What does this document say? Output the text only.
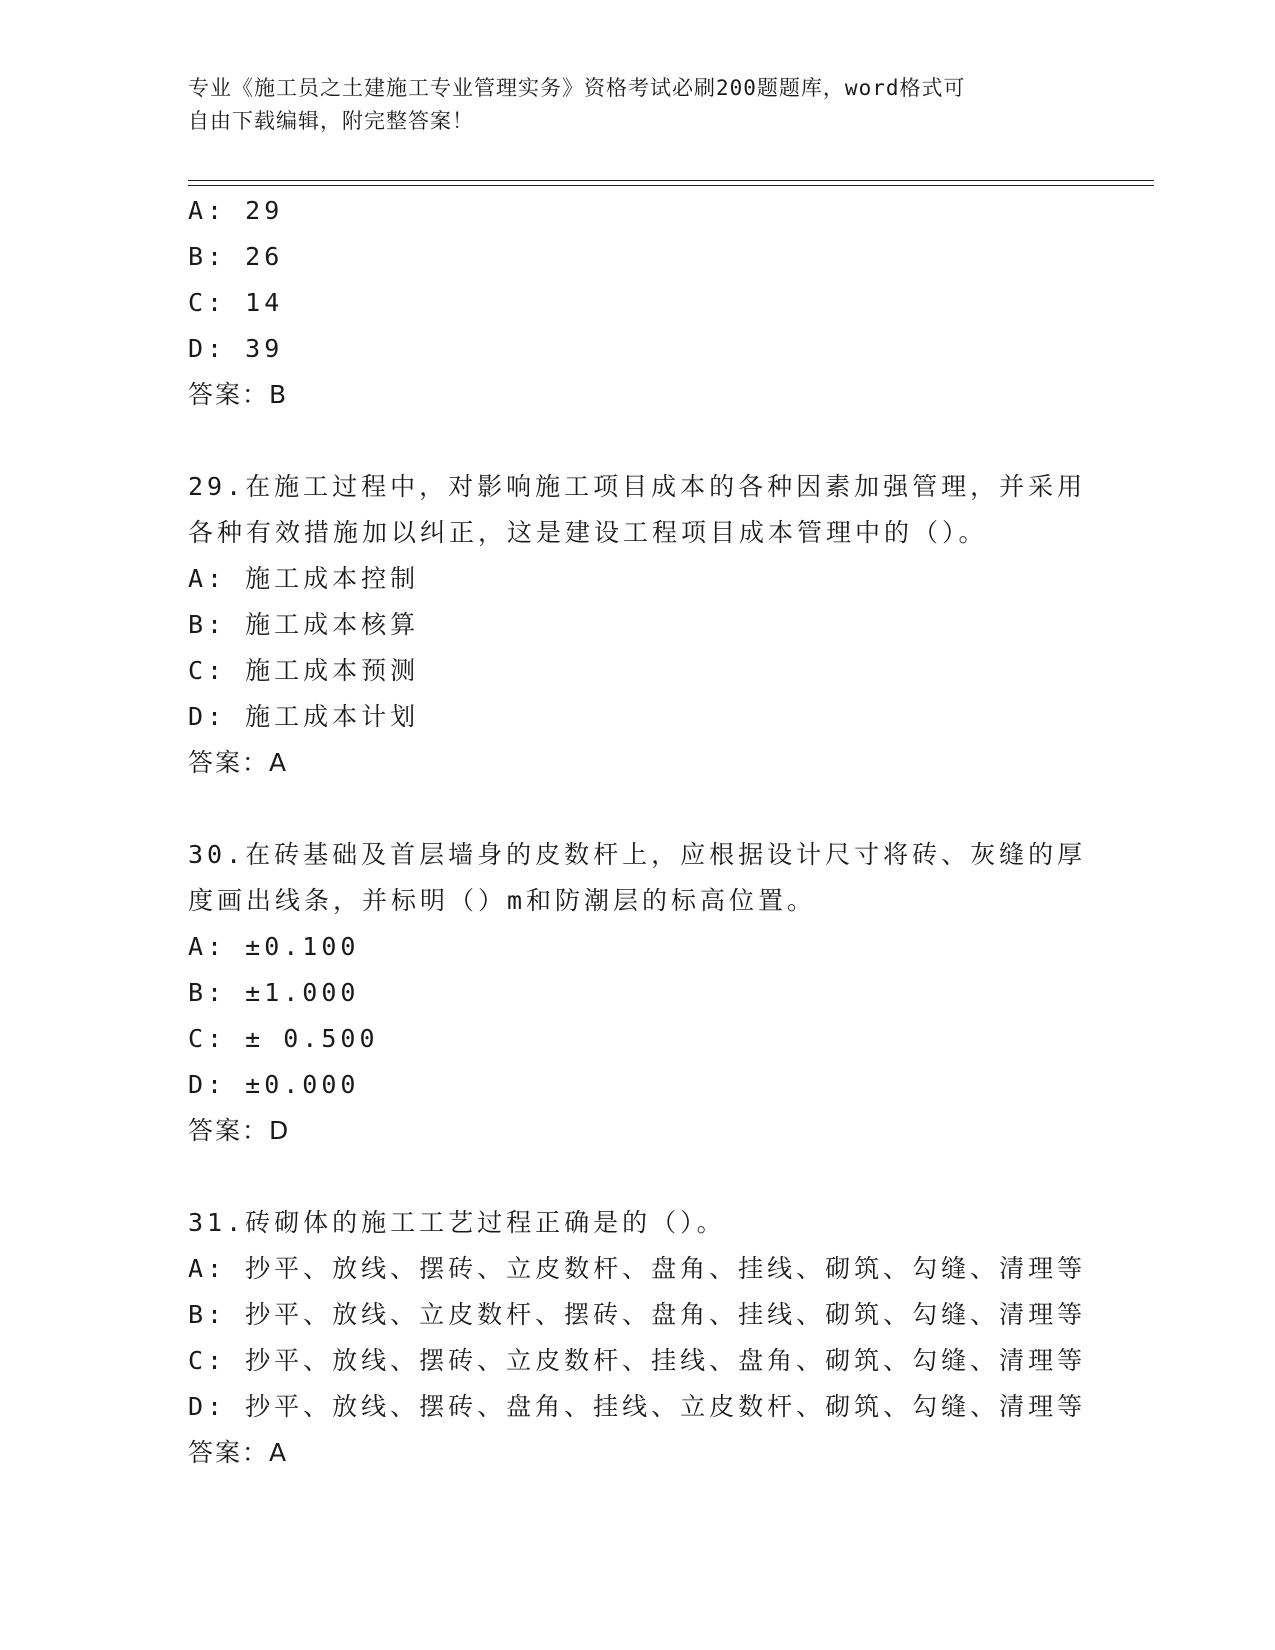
专业《施工员之土建施工专业管理实务》资格考试必刷200题题库，word格式可
自由下载编辑，附完整答案！
A: 29
B: 26
C: 14
D: 39
答案：B
29.在施工过程中，对影响施工项目成本的各种因素加强管理，并采用
各种有效措施加以纠正，这是建设工程项目成本管理中的（）。
A: 施工成本控制
B: 施工成本核算
C: 施工成本预测
D: 施工成本计划
答案：A
30.在砖基础及首层墙身的皮数杆上，应根据设计尺寸将砖、灰缝的厚
度画出线条，并标明（）m和防潮层的标高位置。
A: ±0.100
B: ±1.000
C: ± 0.500
D: ±0.000
答案：D
31.砖砌体的施工工艺过程正确是的（）。
A: 抄平、放线、摆砖、立皮数杆、盘角、挂线、砌筑、勾缝、清理等
B: 抄平、放线、立皮数杆、摆砖、盘角、挂线、砌筑、勾缝、清理等
C: 抄平、放线、摆砖、立皮数杆、挂线、盘角、砌筑、勾缝、清理等
D: 抄平、放线、摆砖、盘角、挂线、立皮数杆、砌筑、勾缝、清理等
答案：A
